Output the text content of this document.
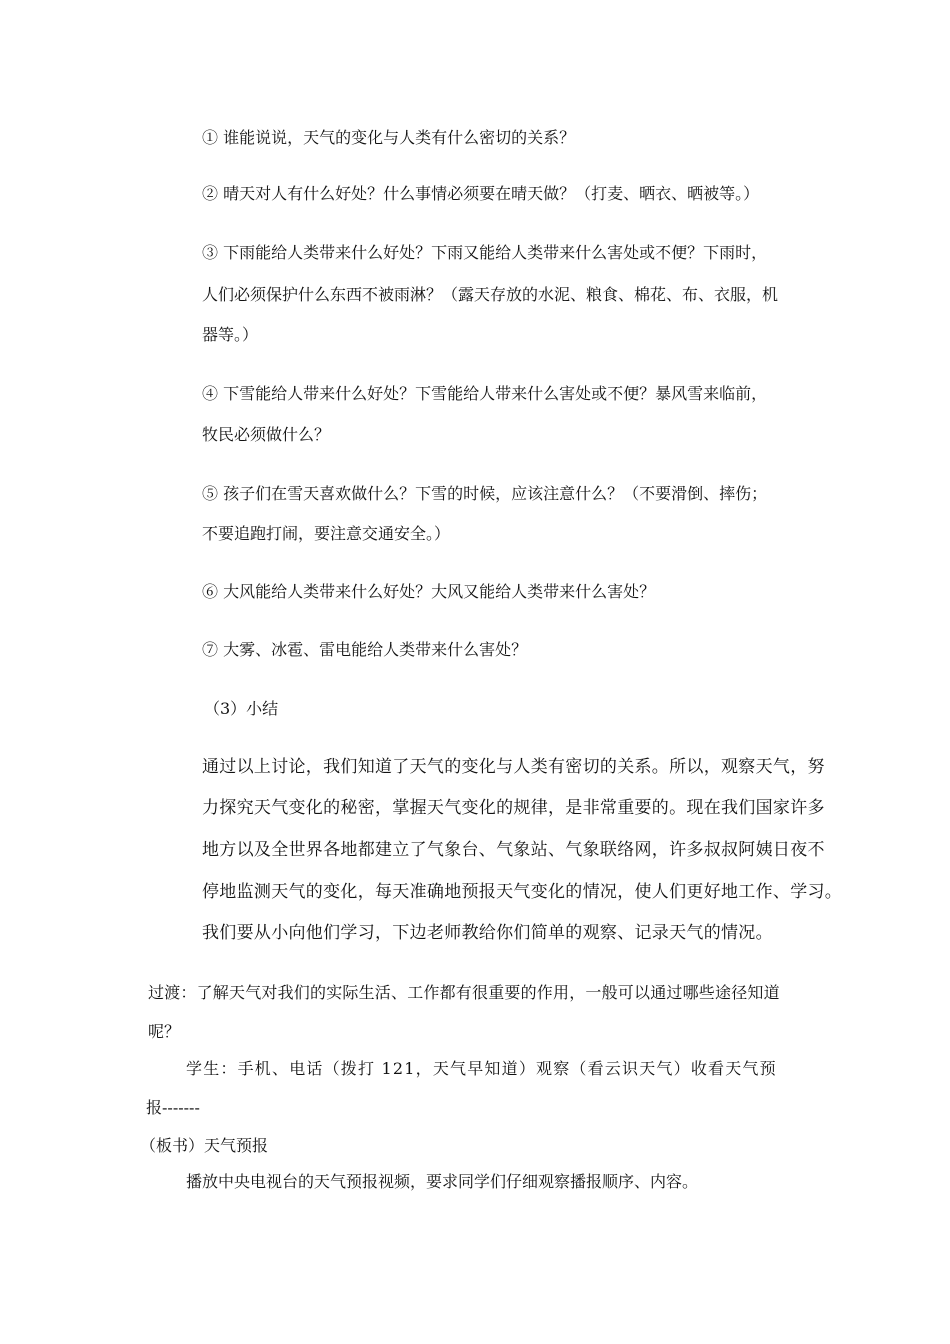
① 谁能说说，天气的变化与人类有什么密切的关系？
② 晴天对人有什么好处？什么事情必须要在晴天做？（打麦、晒衣、晒被等。）
③ 下雨能给人类带来什么好处？下雨又能给人类带来什么害处或不便？下雨时，
人们必须保护什么东西不被雨淋？（露天存放的水泥、粮食、棉花、布、衣服，机
器等。）
④ 下雪能给人带来什么好处？下雪能给人带来什么害处或不便？暴风雪来临前，
牧民必须做什么？
⑤ 孩子们在雪天喜欢做什么？下雪的时候，应该注意什么？（不要滑倒、摔伤；
不要追跑打闹，要注意交通安全。）
⑥ 大风能给人类带来什么好处？大风又能给人类带来什么害处？
⑦ 大雾、冰雹、雷电能给人类带来什么害处？
（3）小结
通过以上讨论，我们知道了天气的变化与人类有密切的关系。所以，观察天气，努
力探究天气变化的秘密，掌握天气变化的规律，是非常重要的。现在我们国家许多
地方以及全世界各地都建立了气象台、气象站、气象联络网，许多叔叔阿姨日夜不
停地监测天气的变化，每天准确地预报天气变化的情况，使人们更好地工作、学习。
我们要从小向他们学习，下边老师教给你们简单的观察、记录天气的情况。
过渡：了解天气对我们的实际生活、工作都有很重要的作用，一般可以通过哪些途径知道
呢？
学生：手机、电话（拨打 121，天气早知道）观察（看云识天气）收看天气预
报-------
（板书）天气预报
播放中央电视台的天气预报视频，要求同学们仔细观察播报顺序、内容。
